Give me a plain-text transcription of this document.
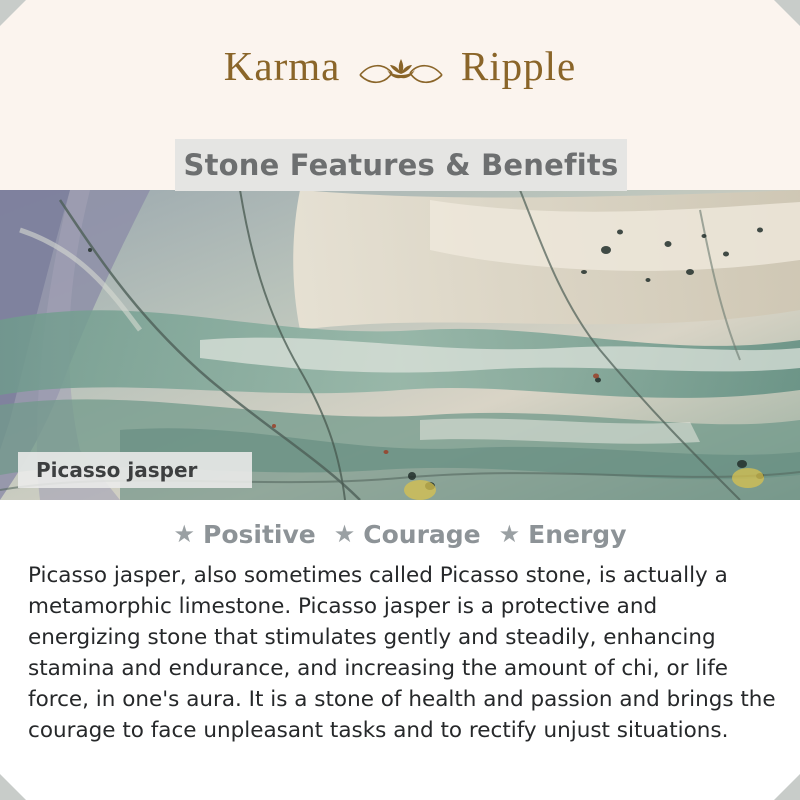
Karma	Ripple
Stone Features & Benefits
Picasso jasper
★ Positive ★ Courage ★ Energy
Picasso jasper, also sometimes called Picasso stone, is actually a metamorphic limestone. Picasso jasper is a protective and energizing stone that stimulates gently and steadily, enhancing stamina and endurance, and increasing the amount of chi, or life force, in one's aura. It is a stone of health and passion and brings the courage to face unpleasant tasks and to rectify unjust situations.
